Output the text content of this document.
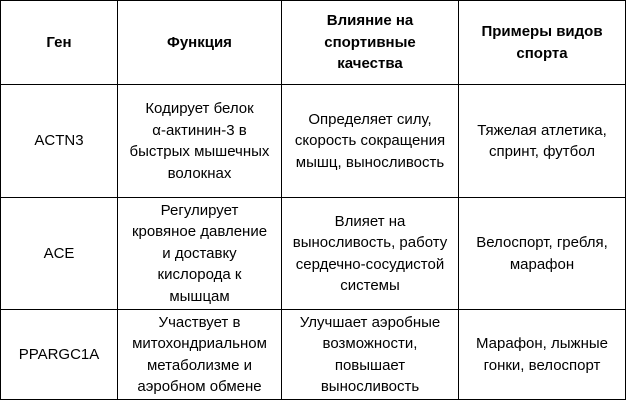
Ген	Функция	Влияние на
спортивные
качества	Примеры видов
спорта

ACTN3	Кодирует белок
α-актинин-3 в
быстрых мышечных
волокнах	Определяет силу,
скорость сокращения
мышц, выносливость	Тяжелая атлетика,
спринт, футбол

ACE	Регулирует
кровяное давление
и доставку
кислорода к
мышцам	Влияет на
выносливость, работу
сердечно-сосудистой
системы	Велоспорт, гребля,
марафон

PPARGC1A	Участвует в
митохондриальном
метаболизме и
аэробном обмене	Улучшает аэробные
возможности,
повышает
выносливость	Марафон, лыжные
гонки, велоспорт
